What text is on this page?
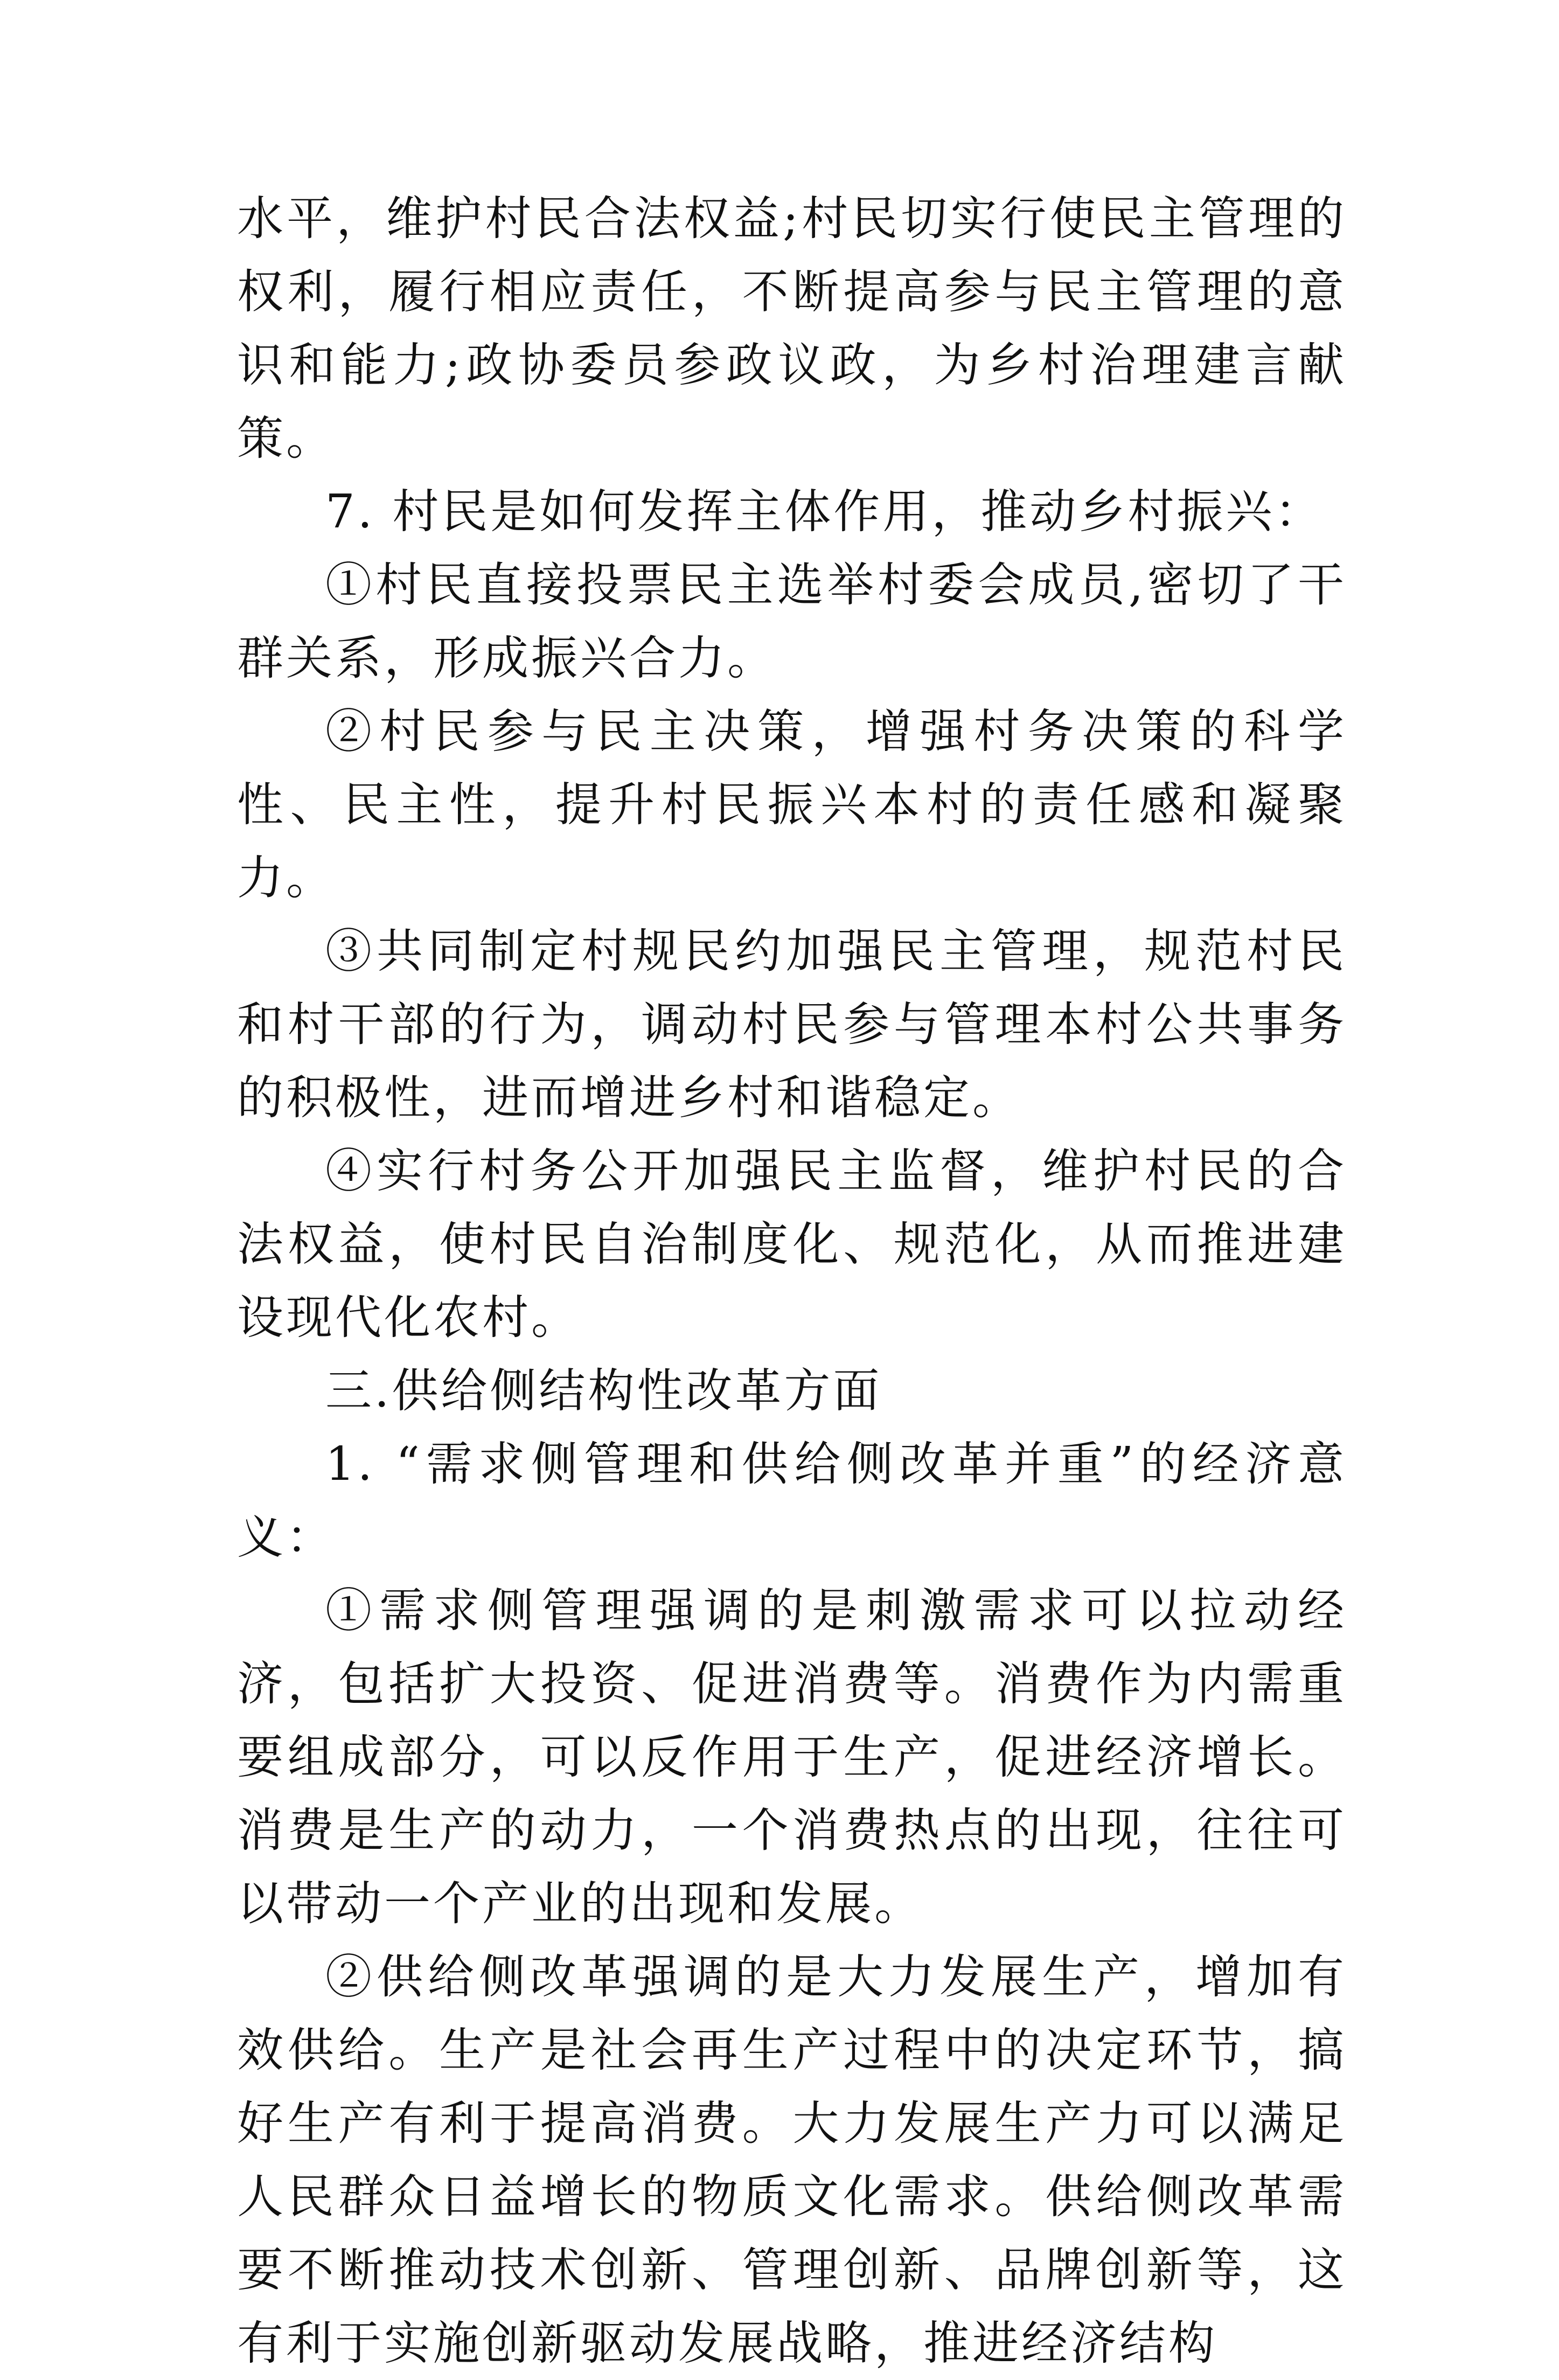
水平，维护村民合法权益;村民切实行使民主管理的权利，履行相应责任，不断提高参与民主管理的意识和能力;政协委员参政议政，为乡村治理建言献策。

7. 村民是如何发挥主体作用，推动乡村振兴：

①村民直接投票民主选举村委会成员,密切了干群关系，形成振兴合力。

②村民参与民主决策，增强村务决策的科学性、民主性，提升村民振兴本村的责任感和凝聚力。

③共同制定村规民约加强民主管理，规范村民和村干部的行为，调动村民参与管理本村公共事务的积极性，进而增进乡村和谐稳定。

④实行村务公开加强民主监督，维护村民的合法权益，使村民自治制度化、规范化，从而推进建设现代化农村。

三.供给侧结构性改革方面

1. “需求侧管理和供给侧改革并重”的经济意义：

①需求侧管理强调的是刺激需求可以拉动经济，包括扩大投资、促进消费等。消费作为内需重要组成部分，可以反作用于生产，促进经济增长。消费是生产的动力，一个消费热点的出现，往往可以带动一个产业的出现和发展。

②供给侧改革强调的是大力发展生产，增加有效供给。生产是社会再生产过程中的决定环节，搞好生产有利于提高消费。大力发展生产力可以满足人民群众日益增长的物质文化需求。供给侧改革需要不断推动技术创新、管理创新、品牌创新等，这有利于实施创新驱动发展战略，推进经济结构
